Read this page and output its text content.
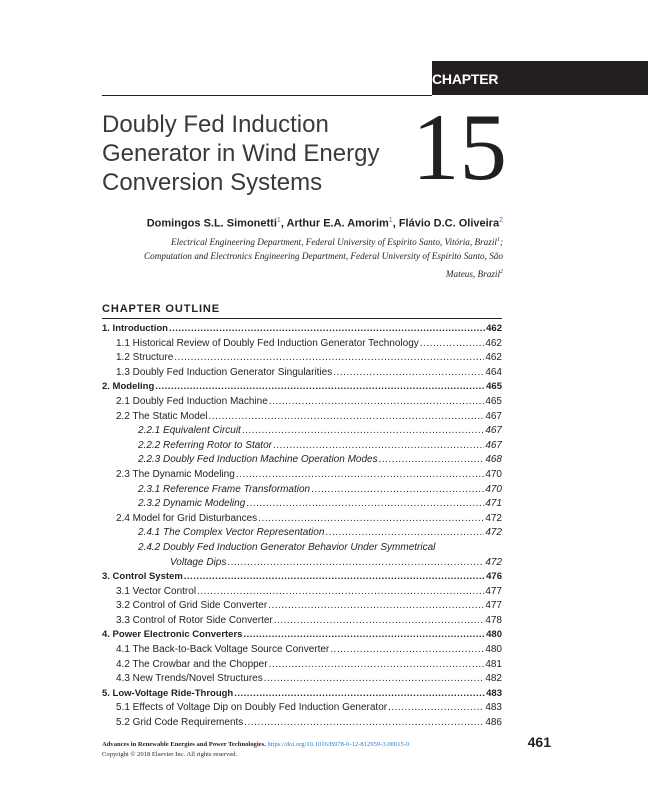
CHAPTER
Doubly Fed Induction
Generator in Wind Energy
Conversion Systems 15
Domingos S.L. Simonetti$^1$, Arthur E.A. Amorim$^1$, Flávio D.C. Oliveira$^2$
Electrical Engineering Department, Federal University of Espírito Santo, Vitória, Brazil$^1$;
Computation and Electronics Engineering Department, Federal University of Espírito Santo, São
Mateus, Brazil$^2$
CHAPTER OUTLINE
1. Introduction .....	462
1.1 Historical Review of Doubly Fed Induction Generator Technology .....	462
1.2 Structure .....	462
1.3 Doubly Fed Induction Generator Singularities .....	464
2. Modeling .....	465
2.1 Doubly Fed Induction Machine .....	465
2.2 The Static Model .....	467
2.2.1 Equivalent Circuit .....	467
2.2.2 Referring Rotor to Stator .....	467
2.2.3 Doubly Fed Induction Machine Operation Modes .....	468
2.3 The Dynamic Modeling .....	470
2.3.1 Reference Frame Transformation .....	470
2.3.2 Dynamic Modeling .....	471
2.4 Model for Grid Disturbances .....	472
2.4.1 The Complex Vector Representation .....	472
2.4.2 Doubly Fed Induction Generator Behavior Under Symmetrical
Voltage Dips .....	472
3. Control System .....	476
3.1 Vector Control .....	477
3.2 Control of Grid Side Converter .....	477
3.3 Control of Rotor Side Converter .....	478
4. Power Electronic Converters .....	480
4.1 The Back-to-Back Voltage Source Converter .....	480
4.2 The Crowbar and the Chopper .....	481
4.3 New Trends/Novel Structures .....	482
5. Low-Voltage Ride-Through .....	483
5.1 Effects of Voltage Dip on Doubly Fed Induction Generator .....	483
5.2 Grid Code Requirements .....	486
Advances in Renewable Energies and Power Technologies. https://doi.org/10.1016/B978-0-12-812959-3.00015-0
Copyright © 2018 Elsevier Inc. All rights reserved.
461
